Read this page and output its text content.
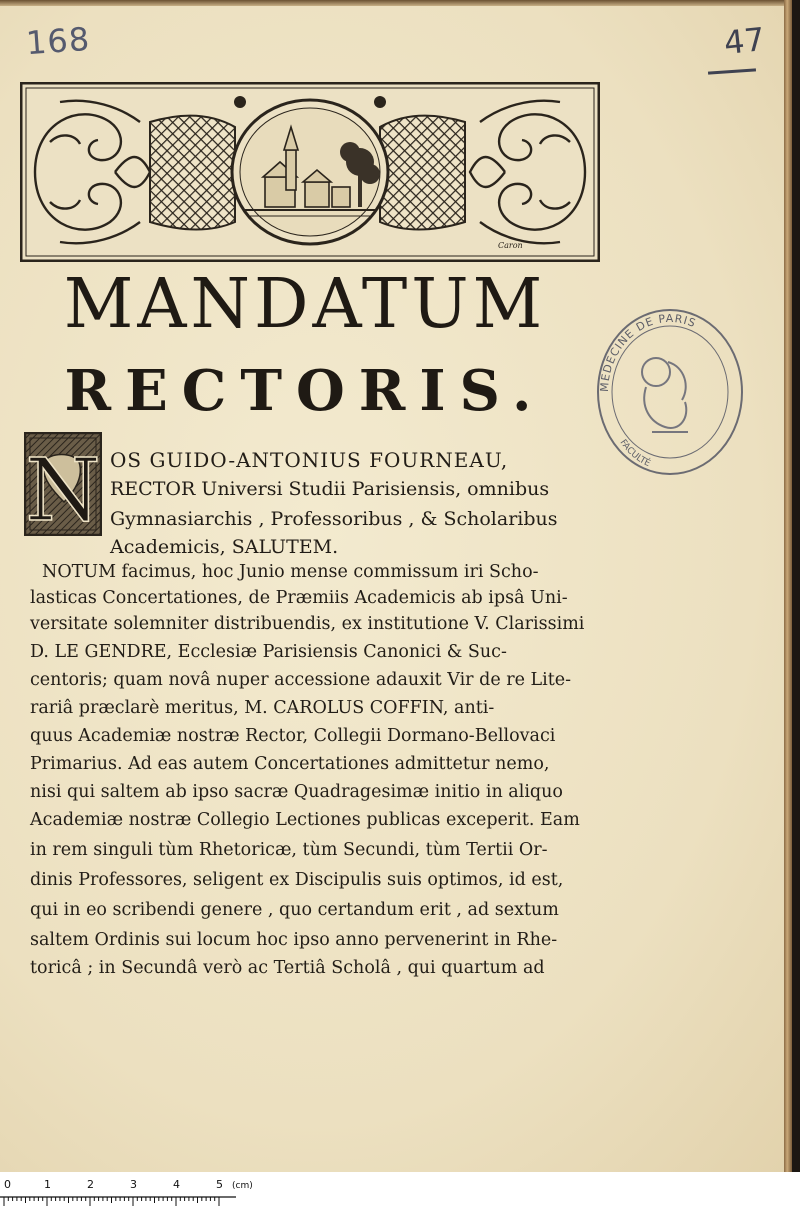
168	47
Caron
MANDATUM
RECTORIS.
N
MEDECINE DE PARIS
FACULTÉ
OS GUIDO-ANTONIUS FOURNEAU,
RECTOR Universi Studii Parisiensis, omnibus
Gymnasiarchis , Professoribus , & Scholaribus
Academicis, SALUTEM.
NOTUM facimus, hoc Junio mense commissum iri Scho-
lasticas Concertationes, de Præmiis Academicis ab ipsâ Uni-
versitate solemniter distribuendis, ex institutione V. Clarissimi
D. LE GENDRE, Ecclesiæ Parisiensis Canonici & Suc-
centoris; quam novâ nuper accessione adauxit Vir de re Lite-
rariâ præclarè meritus, M. CAROLUS COFFIN, anti-
quus Academiæ nostræ Rector, Collegii Dormano-Bellovaci
Primarius. Ad eas autem Concertationes admittetur nemo,
nisi qui saltem ab ipso sacræ Quadragesimæ initio in aliquo
Academiæ nostræ Collegio Lectiones publicas exceperit. Eam
in rem singuli tùm Rhetoricæ, tùm Secundi, tùm Tertii Or-
dinis Professores, seligent ex Discipulis suis optimos, id est,
qui in eo scribendi genere , quo certandum erit , ad sextum
saltem Ordinis sui locum hoc ipso anno pervenerint in Rhe-
toricâ ; in Secundâ verò ac Tertiâ Scholâ , qui quartum ad
0	1	2	3	4	5 (cm)
